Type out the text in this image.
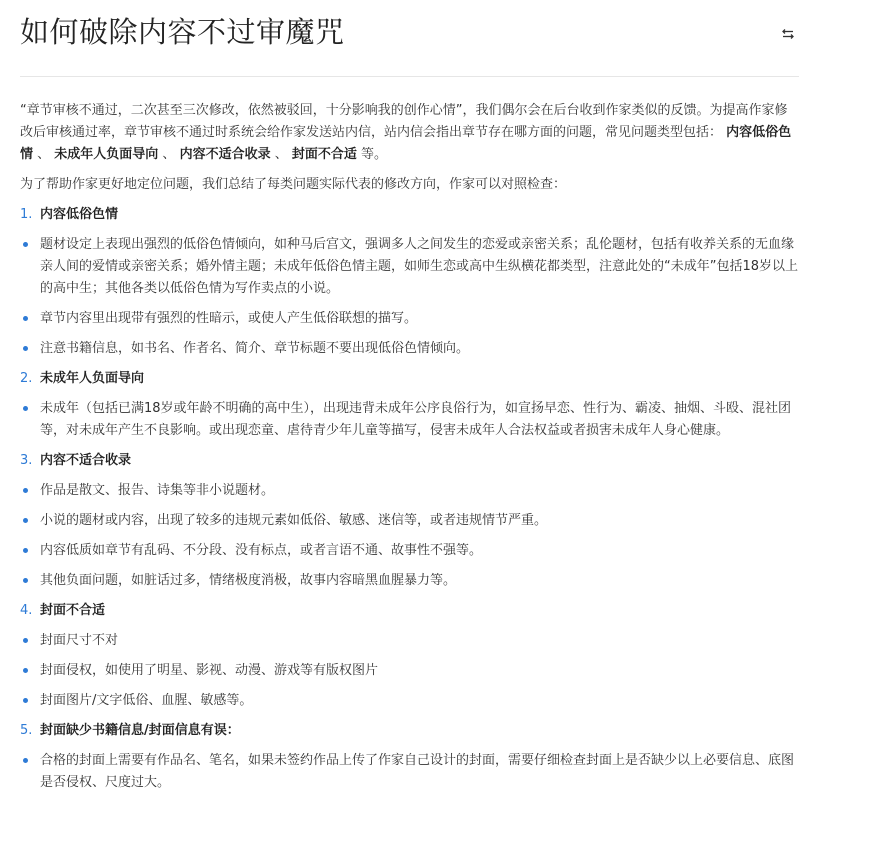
如何破除内容不过审魔咒

“章节审核不通过，二次甚至三次修改，依然被驳回，十分影响我的创作心情”，我们偶尔会在后台收到作家类似的反馈。为提高作家修改后审核通过率，章节审核不通过时系统会给作家发送站内信，站内信会指出章节存在哪方面的问题，常见问题类型包括： 内容低俗色情 、 未成年人负面导向 、 内容不适合收录 、 封面不合适 等。

为了帮助作家更好地定位问题，我们总结了每类问题实际代表的修改方向，作家可以对照检查：

1. 内容低俗色情
题材设定上表现出强烈的低俗色情倾向，如种马后宫文，强调多人之间发生的恋爱或亲密关系；乱伦题材，包括有收养关系的无血缘亲人间的爱情或亲密关系；婚外情主题；未成年低俗色情主题，如师生恋或高中生纵横花都类型，注意此处的“未成年”包括18岁以上的高中生；其他各类以低俗色情为写作卖点的小说。
章节内容里出现带有强烈的性暗示，或使人产生低俗联想的描写。
注意书籍信息，如书名、作者名、简介、章节标题不要出现低俗色情倾向。
2. 未成年人负面导向
未成年（包括已满18岁或年龄不明确的高中生），出现违背未成年公序良俗行为，如宣扬早恋、性行为、霸凌、抽烟、斗殴、混社团等，对未成年产生不良影响。或出现恋童、虐待青少年儿童等描写，侵害未成年人合法权益或者损害未成年人身心健康。
3. 内容不适合收录
作品是散文、报告、诗集等非小说题材。
小说的题材或内容，出现了较多的违规元素如低俗、敏感、迷信等，或者违规情节严重。
内容低质如章节有乱码、不分段、没有标点，或者言语不通、故事性不强等。
其他负面问题，如脏话过多，情绪极度消极，故事内容暗黑血腥暴力等。
4. 封面不合适
封面尺寸不对
封面侵权，如使用了明星、影视、动漫、游戏等有版权图片
封面图片/文字低俗、血腥、敏感等。
5. 封面缺少书籍信息/封面信息有误：
合格的封面上需要有作品名、笔名，如果未签约作品上传了作家自己设计的封面，需要仔细检查封面上是否缺少以上必要信息、底图是否侵权、尺度过大。
